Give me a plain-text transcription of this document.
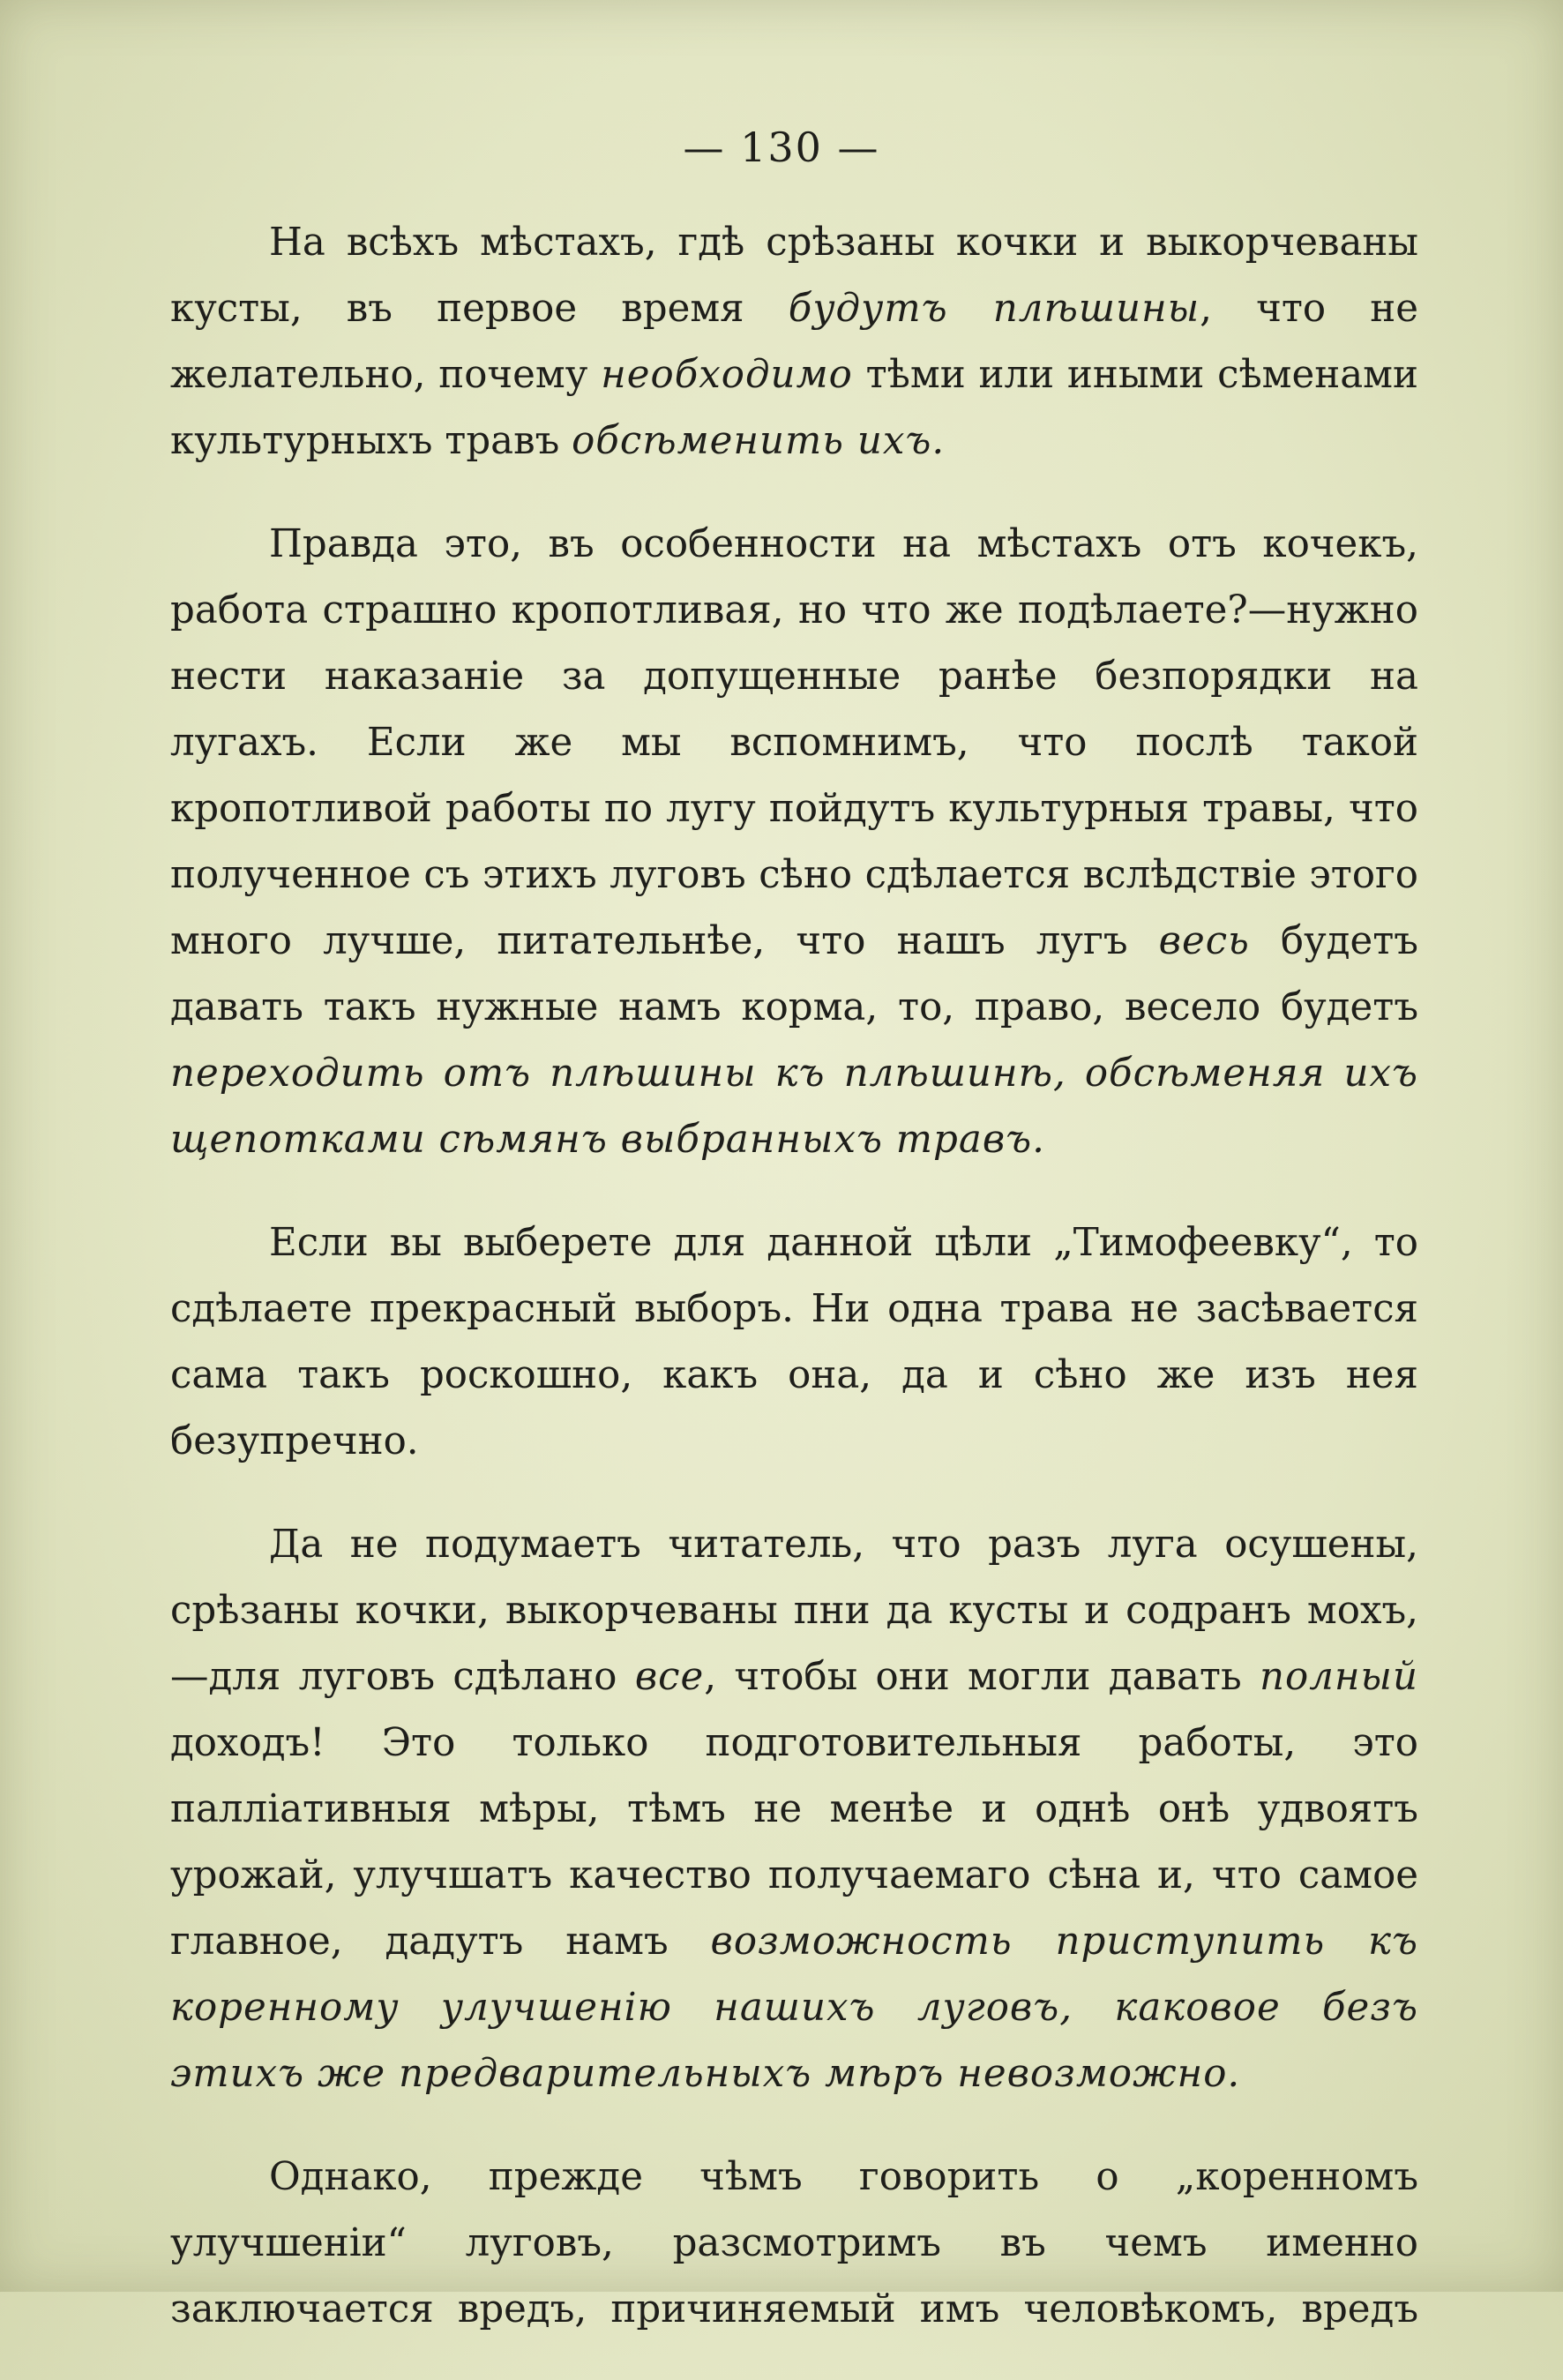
— 130 —

На всѣхъ мѣстахъ, гдѣ срѣзаны кочки и выкорчеваны кусты, въ первое время будутъ плѣшины, что не желательно, почему необходимо тѣми или иными сѣменами культурныхъ травъ обсѣменить ихъ.

Правда это, въ особенности на мѣстахъ отъ кочекъ, работа страшно кропотливая, но что же подѣлаете?—нужно нести наказаніе за допущенные ранѣе безпорядки на лугахъ. Если же мы вспомнимъ, что послѣ такой кропотливой работы по лугу пойдутъ культурныя травы, что полученное съ этихъ луговъ сѣно сдѣлается вслѣдствіе этого много лучше, питательнѣе, что нашъ лугъ весь будетъ давать такъ нужные намъ корма, то, право, весело будетъ переходить отъ плѣшины къ плѣшинѣ, обсѣменяя ихъ щепотками сѣмянъ выбранныхъ травъ.

Если вы выберете для данной цѣли „Тимофеевку“, то сдѣлаете прекрасный выборъ. Ни одна трава не засѣвается сама такъ роскошно, какъ она, да и сѣно же изъ нея безупречно.

Да не подумаетъ читатель, что разъ луга осушены, срѣзаны кочки, выкорчеваны пни да кусты и содранъ мохъ,—для луговъ сдѣлано все, чтобы они могли давать полный доходъ! Это только подготовительныя работы, это палліативныя мѣры, тѣмъ не менѣе и однѣ онѣ удвоятъ урожай, улучшатъ качество получаемаго сѣна и, что самое главное, дадутъ намъ возможность приступить къ коренному улучшенію нашихъ луговъ, каковое безъ этихъ же предварительныхъ мѣръ невозможно.

Однако, прежде чѣмъ говорить о „коренномъ улучшеніи“ луговъ, разсмотримъ въ чемъ именно заключается вредъ, причиняемый имъ человѣкомъ, вредъ
